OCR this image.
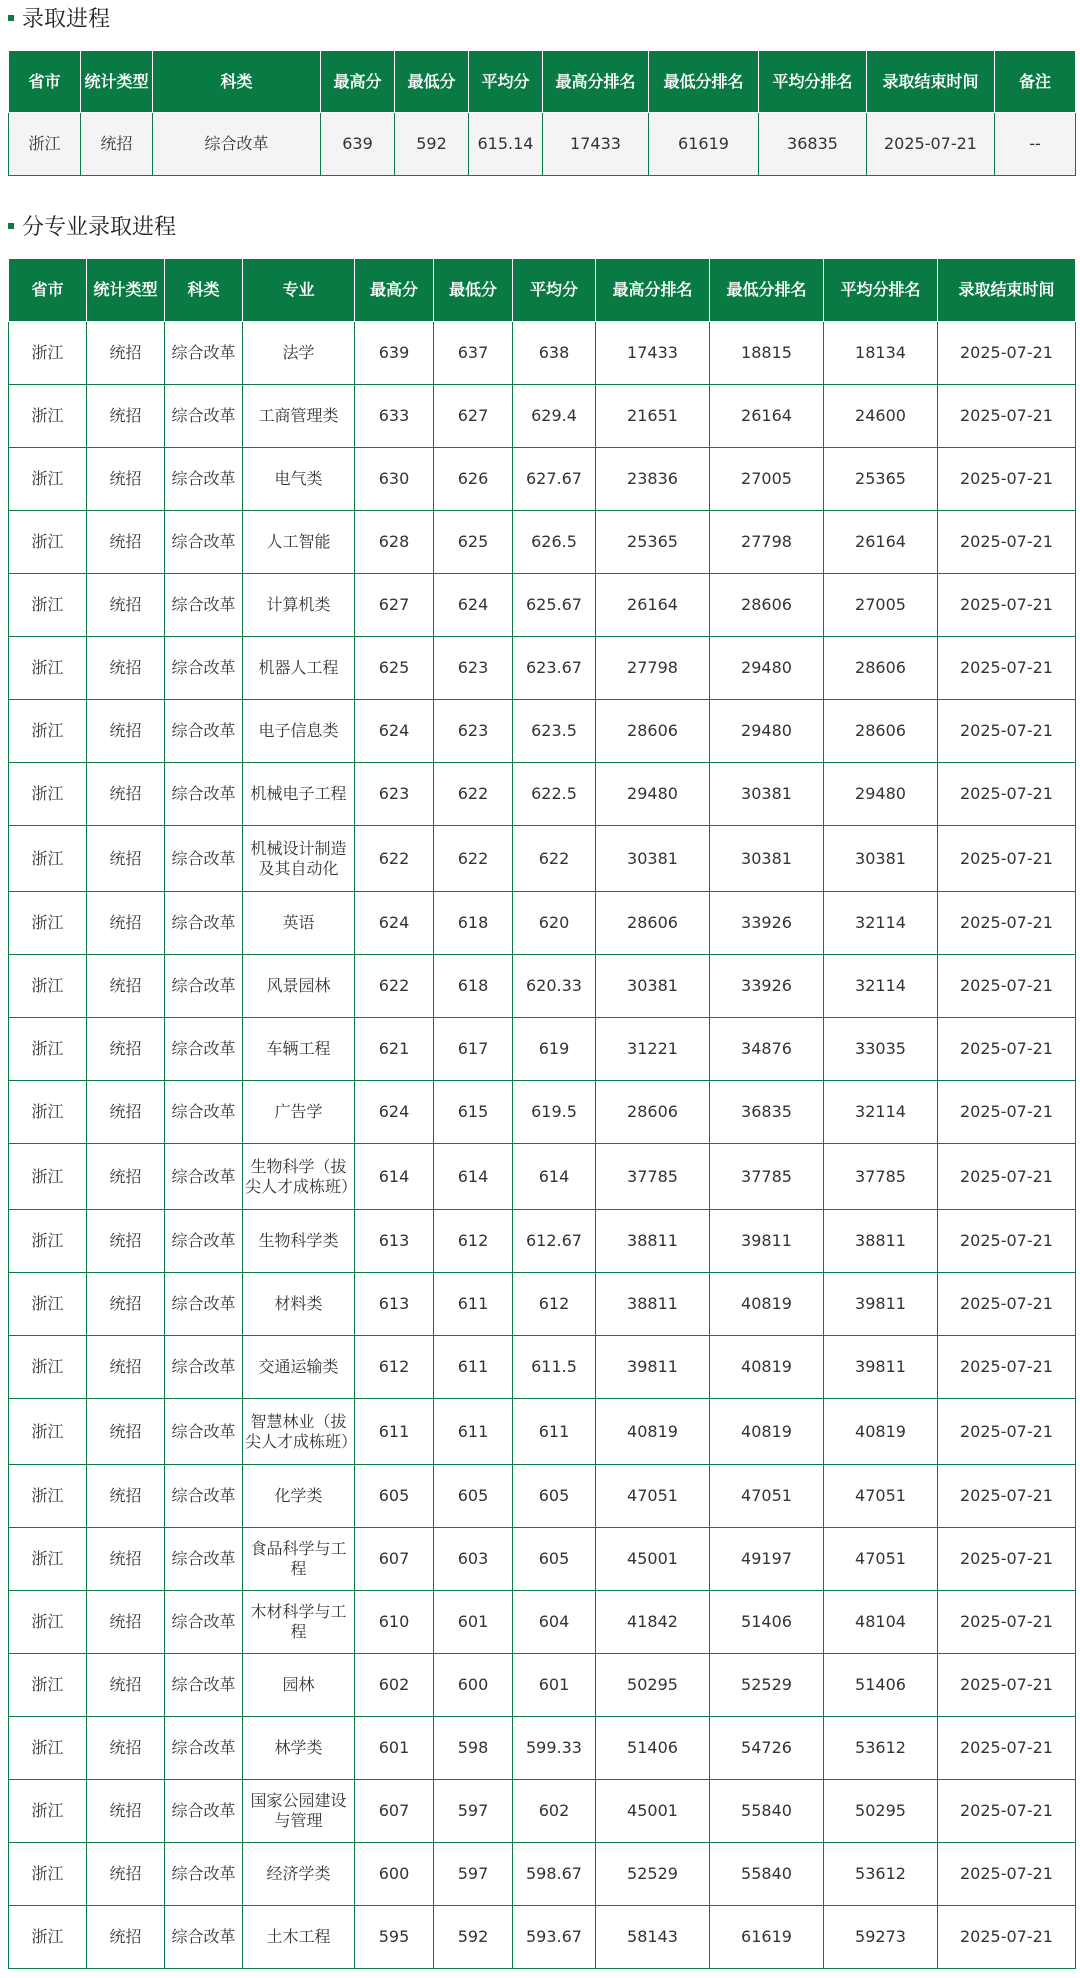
录取进程
省市	统计类型	科类	最高分	最低分	平均分	最高分排名	最低分排名	平均分排名	录取结束时间	备注
浙江	统招	综合改革	639	592	615.14	17433	61619	36835	2025-07-21	--
分专业录取进程
省市	统计类型	科类	专业	最高分	最低分	平均分	最高分排名	最低分排名	平均分排名	录取结束时间
浙江	统招	综合改革	法学	639	637	638	17433	18815	18134	2025-07-21
浙江	统招	综合改革	工商管理类	633	627	629.4	21651	26164	24600	2025-07-21
浙江	统招	综合改革	电气类	630	626	627.67	23836	27005	25365	2025-07-21
浙江	统招	综合改革	人工智能	628	625	626.5	25365	27798	26164	2025-07-21
浙江	统招	综合改革	计算机类	627	624	625.67	26164	28606	27005	2025-07-21
浙江	统招	综合改革	机器人工程	625	623	623.67	27798	29480	28606	2025-07-21
浙江	统招	综合改革	电子信息类	624	623	623.5	28606	29480	28606	2025-07-21
浙江	统招	综合改革	机械电子工程	623	622	622.5	29480	30381	29480	2025-07-21
浙江	统招	综合改革	机械设计制造及其自动化	622	622	622	30381	30381	30381	2025-07-21
浙江	统招	综合改革	英语	624	618	620	28606	33926	32114	2025-07-21
浙江	统招	综合改革	风景园林	622	618	620.33	30381	33926	32114	2025-07-21
浙江	统招	综合改革	车辆工程	621	617	619	31221	34876	33035	2025-07-21
浙江	统招	综合改革	广告学	624	615	619.5	28606	36835	32114	2025-07-21
浙江	统招	综合改革	生物科学（拔尖人才成栋班）	614	614	614	37785	37785	37785	2025-07-21
浙江	统招	综合改革	生物科学类	613	612	612.67	38811	39811	38811	2025-07-21
浙江	统招	综合改革	材料类	613	611	612	38811	40819	39811	2025-07-21
浙江	统招	综合改革	交通运输类	612	611	611.5	39811	40819	39811	2025-07-21
浙江	统招	综合改革	智慧林业（拔尖人才成栋班）	611	611	611	40819	40819	40819	2025-07-21
浙江	统招	综合改革	化学类	605	605	605	47051	47051	47051	2025-07-21
浙江	统招	综合改革	食品科学与工程	607	603	605	45001	49197	47051	2025-07-21
浙江	统招	综合改革	木材科学与工程	610	601	604	41842	51406	48104	2025-07-21
浙江	统招	综合改革	园林	602	600	601	50295	52529	51406	2025-07-21
浙江	统招	综合改革	林学类	601	598	599.33	51406	54726	53612	2025-07-21
浙江	统招	综合改革	国家公园建设与管理	607	597	602	45001	55840	50295	2025-07-21
浙江	统招	综合改革	经济学类	600	597	598.67	52529	55840	53612	2025-07-21
浙江	统招	综合改革	土木工程	595	592	593.67	58143	61619	59273	2025-07-21
